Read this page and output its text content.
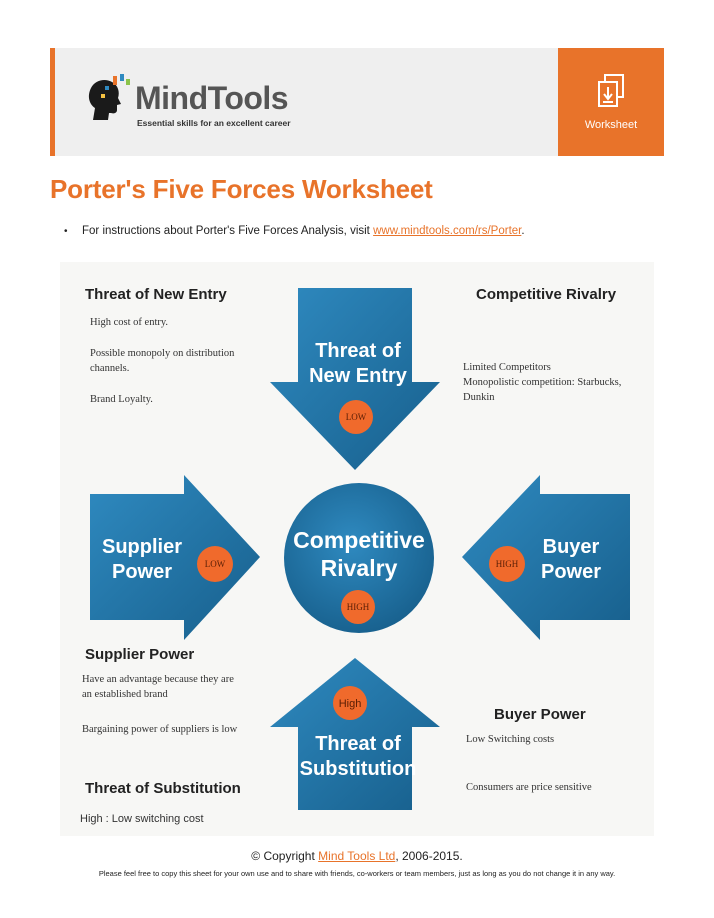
MindTools
Essential skills for an excellent career	Worksheet
Porter's Five Forces Worksheet
• For instructions about Porter's Five Forces Analysis, visit www.mindtools.com/rs/Porter.
Threat of
New Entry
Supplier
Power
Buyer
Power
Competitive
Rivalry
Threat of
Substitution
LOW
LOW	HIGH
HIGH
High
Threat of New Entry
High cost of entry.
Possible monopoly on distribution channels.
Brand Loyalty.
Competitive Rivalry
Limited Competitors
Monopolistic competition: Starbucks,
Dunkin
Supplier Power
Have an advantage because they are
an established brand
Bargaining power of suppliers is low
Buyer Power
Low Switching costs
Consumers are price sensitive
Threat of Substitution
High : Low switching cost
© Copyright Mind Tools Ltd, 2006-2015.
Please feel free to copy this sheet for your own use and to share with friends, co-workers or team members, just as long as you do not change it in any way.
